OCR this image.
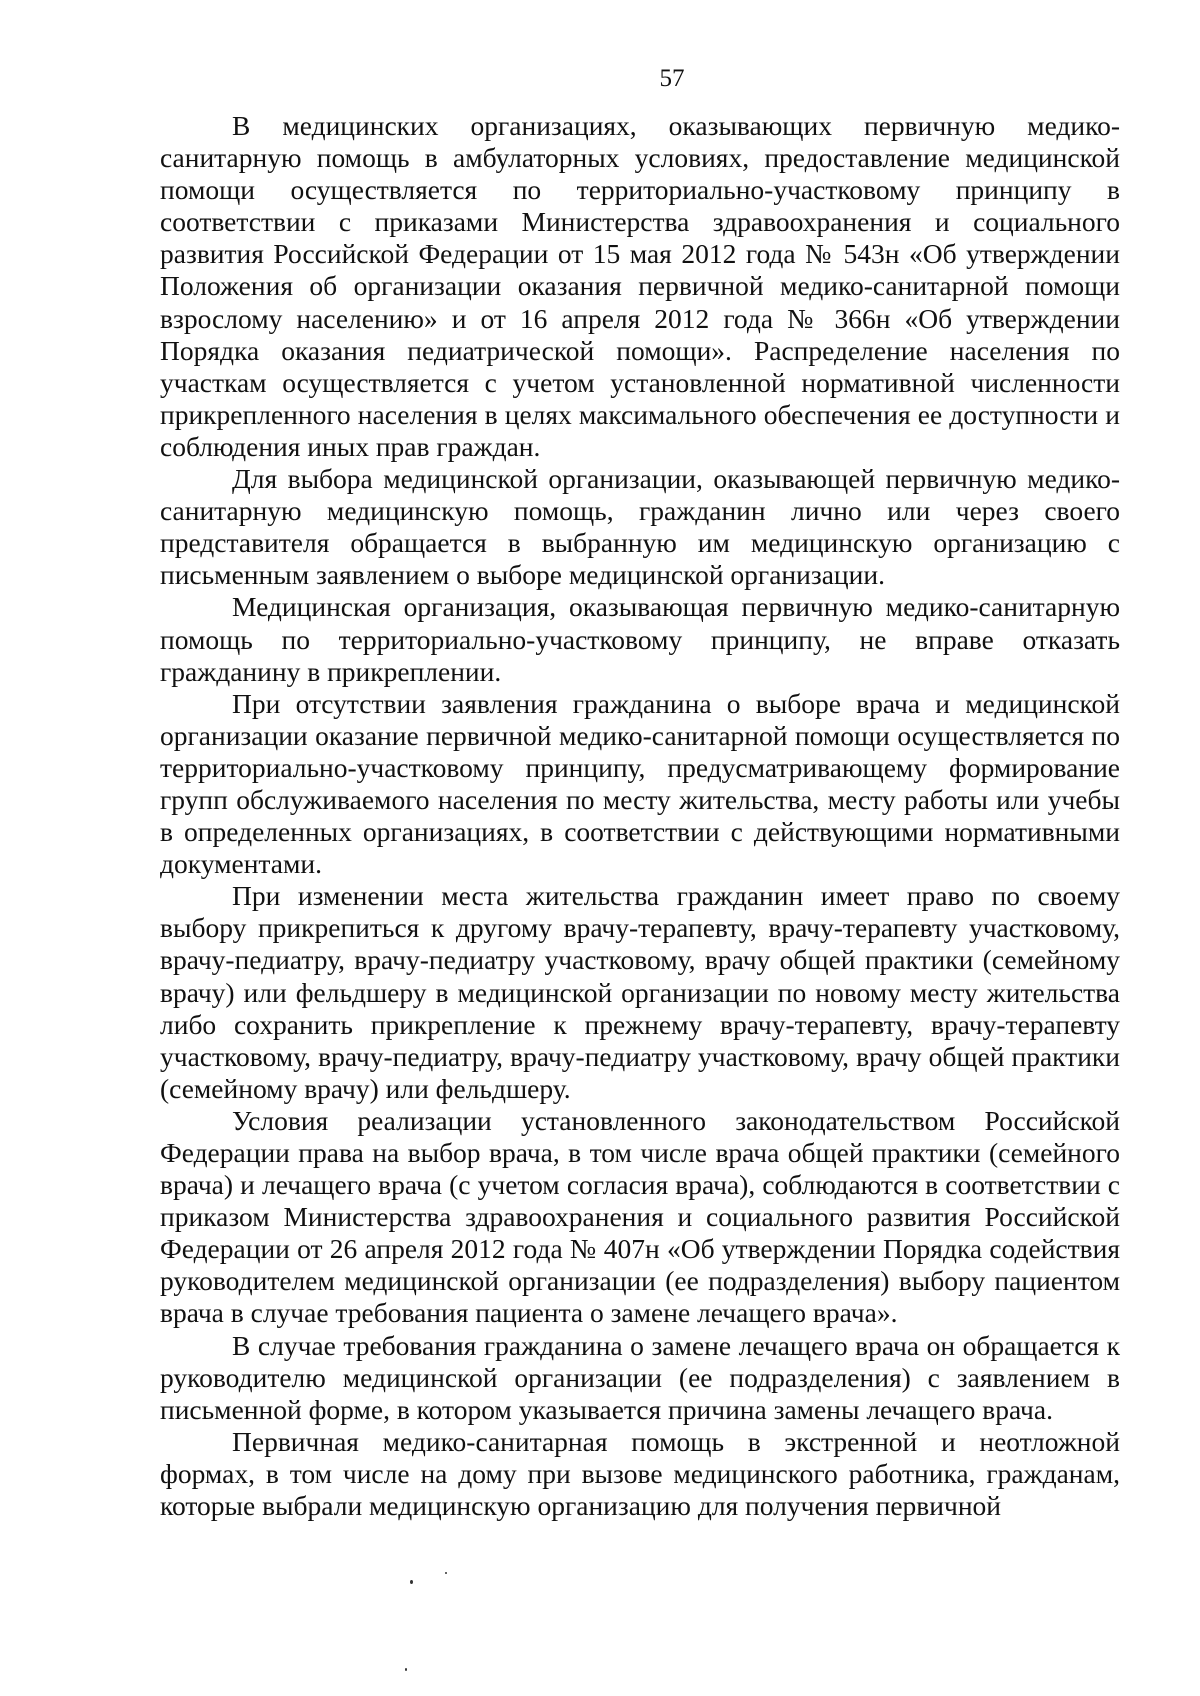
57

В медицинских организациях, оказывающих первичную медико-санитарную помощь в амбулаторных условиях, предоставление медицинской помощи осуществляется по территориально-участковому принципу в соответствии с приказами Министерства здравоохранения и социального развития Российской Федерации от 15 мая 2012 года № 543н «Об утверждении Положения об организации оказания первичной медико-санитарной помощи взрослому населению» и от 16 апреля 2012 года № 366н «Об утверждении Порядка оказания педиатрической помощи». Распределение населения по участкам осуществляется с учетом установленной нормативной численности прикрепленного населения в целях максимального обеспечения ее доступности и соблюдения иных прав граждан.

Для выбора медицинской организации, оказывающей первичную медико-санитарную медицинскую помощь, гражданин лично или через своего представителя обращается в выбранную им медицинскую организацию с письменным заявлением о выборе медицинской организации.

Медицинская организация, оказывающая первичную медико-санитарную помощь по территориально-участковому принципу, не вправе отказать гражданину в прикреплении.

При отсутствии заявления гражданина о выборе врача и медицинской организации оказание первичной медико-санитарной помощи осуществляется по территориально-участковому принципу, предусматривающему формирование групп обслуживаемого населения по месту жительства, месту работы или учебы в определенных организациях, в соответствии с действующими нормативными документами.

При изменении места жительства гражданин имеет право по своему выбору прикрепиться к другому врачу-терапевту, врачу-терапевту участковому, врачу-педиатру, врачу-педиатру участковому, врачу общей практики (семейному врачу) или фельдшеру в медицинской организации по новому месту жительства либо сохранить прикрепление к прежнему врачу-терапевту, врачу-терапевту участковому, врачу-педиатру, врачу-педиатру участковому, врачу общей практики (семейному врачу) или фельдшеру.

Условия реализации установленного законодательством Российской Федерации права на выбор врача, в том числе врача общей практики (семейного врача) и лечащего врача (с учетом согласия врача), соблюдаются в соответствии с приказом Министерства здравоохранения и социального развития Российской Федерации от 26 апреля 2012 года № 407н «Об утверждении Порядка содействия руководителем медицинской организации (ее подразделения) выбору пациентом врача в случае требования пациента о замене лечащего врача».

В случае требования гражданина о замене лечащего врача он обращается к руководителю медицинской организации (ее подразделения) с заявлением в письменной форме, в котором указывается причина замены лечащего врача.

Первичная медико-санитарная помощь в экстренной и неотложной формах, в том числе на дому при вызове медицинского работника, гражданам, которые выбрали медицинскую организацию для получения первичной
